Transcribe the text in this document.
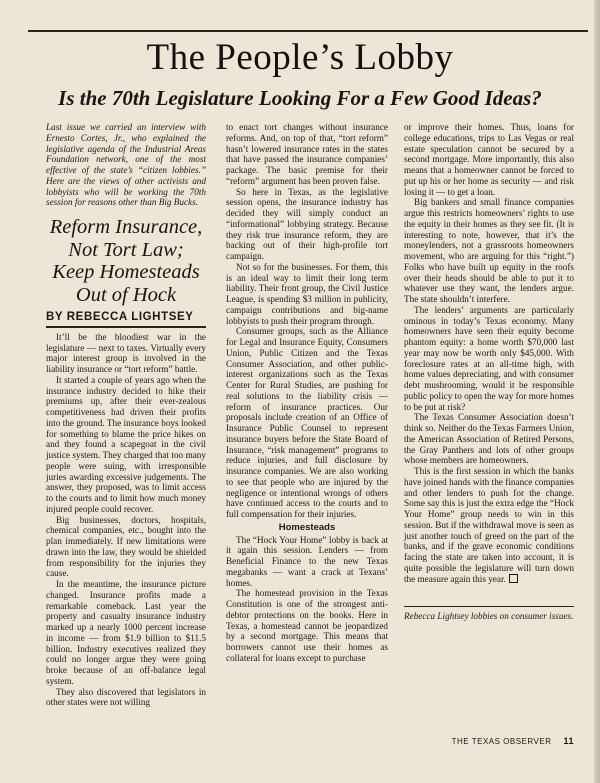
The People’s Lobby
Is the 70th Legislature Looking For a Few Good Ideas?

Last issue we carried an interview with Ernesto Cortes, Jr., who explained the legislative agenda of the Industrial Areas Foundation network, one of the most effective of the state’s “citizen lobbies.” Here are the views of other activists and lobbyists who will be working the 70th session for reasons other than Big Bucks.

Reform Insurance, Not Tort Law; Keep Homesteads Out of Hock
BY REBECCA LIGHTSEY

It’ll be the bloodiest war in the legislature — next to taxes. Virtually every major interest group is involved in the liability insurance or “tort reform” battle.

It started a couple of years ago when the insurance industry decided to hike their premiums up, after their ever-zealous competitiveness had driven their profits into the ground. The insurance boys looked for something to blame the price hikes on and they found a scapegoat in the civil justice system. They charged that too many people were suing, with irresponsible juries awarding excessive judgements. The answer, they proposed, was to limit access to the courts and to limit how much money injured people could recover.

Big businesses, doctors, hospitals, chemical companies, etc., bought into the plan immediately. If new limitations were drawn into the law, they would be shielded from responsibility for the injuries they cause.

In the meantime, the insurance picture changed. Insurance profits made a remarkable comeback. Last year the property and casualty insurance industry marked up a nearly 1000 percent increase in income — from $1.9 billion to $11.5 billion. Industry executives realized they could no longer argue they were going broke because of an off-balance legal system.

They also discovered that legislators in other states were not willing

to enact tort changes without insurance reforms. And, on top of that, “tort reform” hasn’t lowered insurance rates in the states that have passed the insurance companies’ package. The basic premise for their “reform” argument has been proven false.

So here in Texas, as the legislative session opens, the insurance industry has decided they will simply conduct an “informational” lobbying strategy. Because they risk true insurance reform, they are backing out of their high-profile tort campaign.

Not so for the businesses. For them, this is an ideal way to limit their long term liability. Their front group, the Civil Justice League, is spending $3 million in publicity, campaign contributions and big-name lobbyists to push their program through.

Consumer groups, such as the Alliance for Legal and Insurance Equity, Consumers Union, Public Citizen and the Texas Consumer Association, and other public-interest organizations such as the Texas Center for Rural Studies, are pushing for real solutions to the liability crisis — reform of insurance practices. Our proposals include creation of an Office of Insurance Public Counsel to represent insurance buyers before the State Board of Insurance, “risk management” programs to reduce injuries, and full disclosure by insurance companies. We are also working to see that people who are injured by the negligence or intentional wrongs of others have continued access to the courts and to full compensation for their injuries.

Homesteads

The “Hock Your Home” lobby is back at it again this session. Lenders — from Beneficial Finance to the new Texas megabanks — want a crack at Texans’ homes.

The homestead provision in the Texas Constitution is one of the strongest anti-debtor protections on the books. Here in Texas, a homestead cannot be jeopardized by a second mortgage. This means that borrowers cannot use their homes as collateral for loans except to purchase

or improve their homes. Thus, loans for college educations, trips to Las Vegas or real estate speculation cannot be secured by a second mortgage. More importantly, this also means that a homeowner cannot be forced to put up his or her home as security — and risk losing it — to get a loan.

Big bankers and small finance companies argue this restricts homeowners’ rights to use the equity in their homes as they see fit. (It is interesting to note, however, that it’s the moneylenders, not a grassroots homeowners movement, who are arguing for this “right.”) Folks who have built up equity in the roofs over their heads should be able to put it to whatever use they want, the lenders argue. The state shouldn’t interfere.

The lenders’ arguments are particularly ominous in today’s Texas economy. Many homeowners have seen their equity become phantom equity: a home worth $70,000 last year may now be worth only $45,000. With foreclosure rates at an all-time high, with home values depreciating, and with consumer debt mushrooming, would it be responsible public policy to open the way for more homes to be put at risk?

The Texas Consumer Association doesn’t think so. Neither do the Texas Farmers Union, the American Association of Retired Persons, the Gray Panthers and lots of other groups whose members are homeowners.

This is the first session in which the banks have joined hands with the finance companies and other lenders to push for the change. Some say this is just the extra edge the “Hock Your Home” group needs to win in this session. But if the withdrawal move is seen as just another touch of greed on the part of the banks, and if the grave economic conditions facing the state are taken into account, it is quite possible the legislature will turn down the measure again this year.

Rebecca Lightsey lobbies on consumer issues.

THE TEXAS OBSERVER 11
